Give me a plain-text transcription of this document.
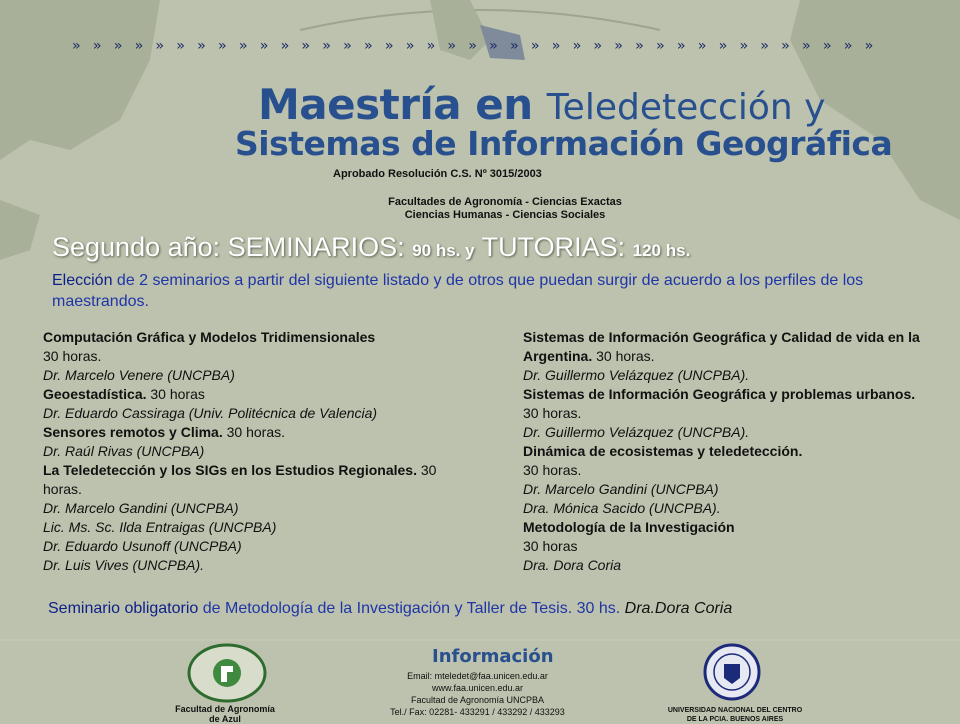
» » » » » » » » » » » » » » » » » » » » » » » » » » » » » » » » » » » » » » »
Maestría en Teledetección y
Sistemas de Información Geográfica
Aprobado Resolución C.S. Nº 3015/2003
Facultades de Agronomía - Ciencias Exactas
Ciencias Humanas - Ciencias Sociales
Segundo año: SEMINARIOS: 90 hs. y TUTORIAS: 120 hs.
Elección de 2 seminarios a partir del siguiente listado y de otros que puedan surgir de acuerdo a los perfiles de los maestrandos.

Computación Gráfica y Modelos Tridimensionales

30 horas.

Dr. Marcelo Venere (UNCPBA)

Geoestadística. 30 horas

Dr. Eduardo Cassiraga (Univ. Politécnica de Valencia)

Sensores remotos y Clima. 30 horas.

Dr. Raúl Rivas (UNCPBA)

La Teledetección y los SIGs en los Estudios Regionales. 30 horas.

Dr. Marcelo Gandini (UNCPBA)

Lic. Ms. Sc. Ilda Entraigas (UNCPBA)

Dr. Eduardo Usunoff (UNCPBA)

Dr. Luis Vives (UNCPBA).

Sistemas de Información Geográfica y Calidad de vida en la Argentina. 30 horas.

Dr. Guillermo Velázquez (UNCPBA).

Sistemas de Información Geográfica y problemas urbanos. 30 horas.

Dr. Guillermo Velázquez (UNCPBA).

Dinámica de ecosistemas y teledetección.

30 horas.

Dr. Marcelo Gandini (UNCPBA)

Dra. Mónica Sacido (UNCPBA).

Metodología de la Investigación

30 horas

Dra. Dora Coria

Seminario obligatorio de Metodología de la Investigación y Taller de Tesis. 30 hs. Dra.Dora Coria
Facultad de Agronomía
de Azul
Información
Email: mteledet@faa.unicen.edu.ar
www.faa.unicen.edu.ar
Facultad de Agronomía UNCPBA
Tel./ Fax: 02281- 433291 / 433292 / 433293	UNIVERSIDAD NACIONAL DEL CENTRO
DE LA PCIA. BUENOS AIRES
